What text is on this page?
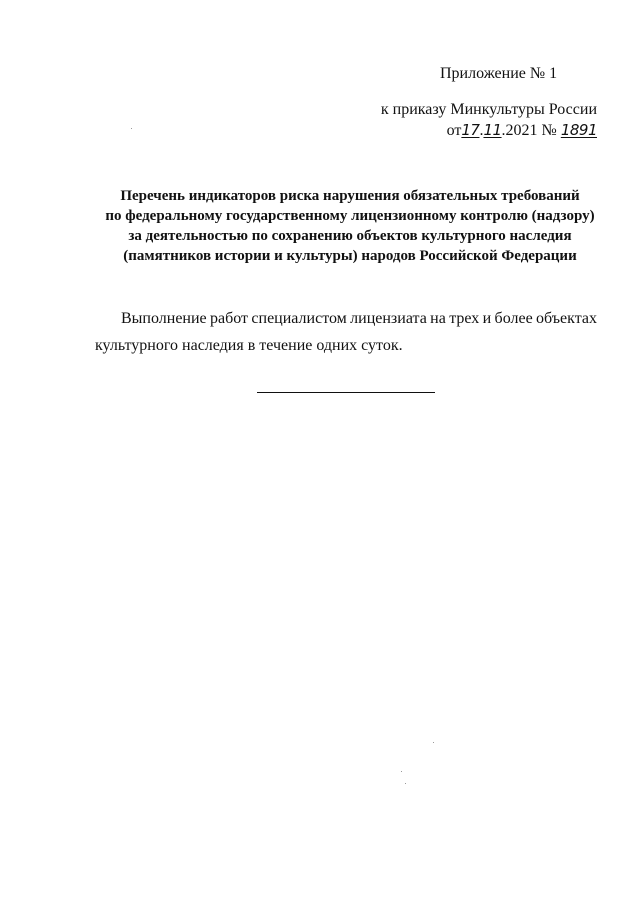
Приложение № 1
к приказу Минкультуры России
от17.11.2021 № 1891
Перечень индикаторов риска нарушения обязательных требований
по федеральному государственному лицензионному контролю (надзору)
за деятельностью по сохранению объектов культурного наследия
(памятников истории и культуры) народов Российской Федерации
Выполнение работ специалистом лицензиата на трех и более объектах
культурного наследия в течение одних суток.
